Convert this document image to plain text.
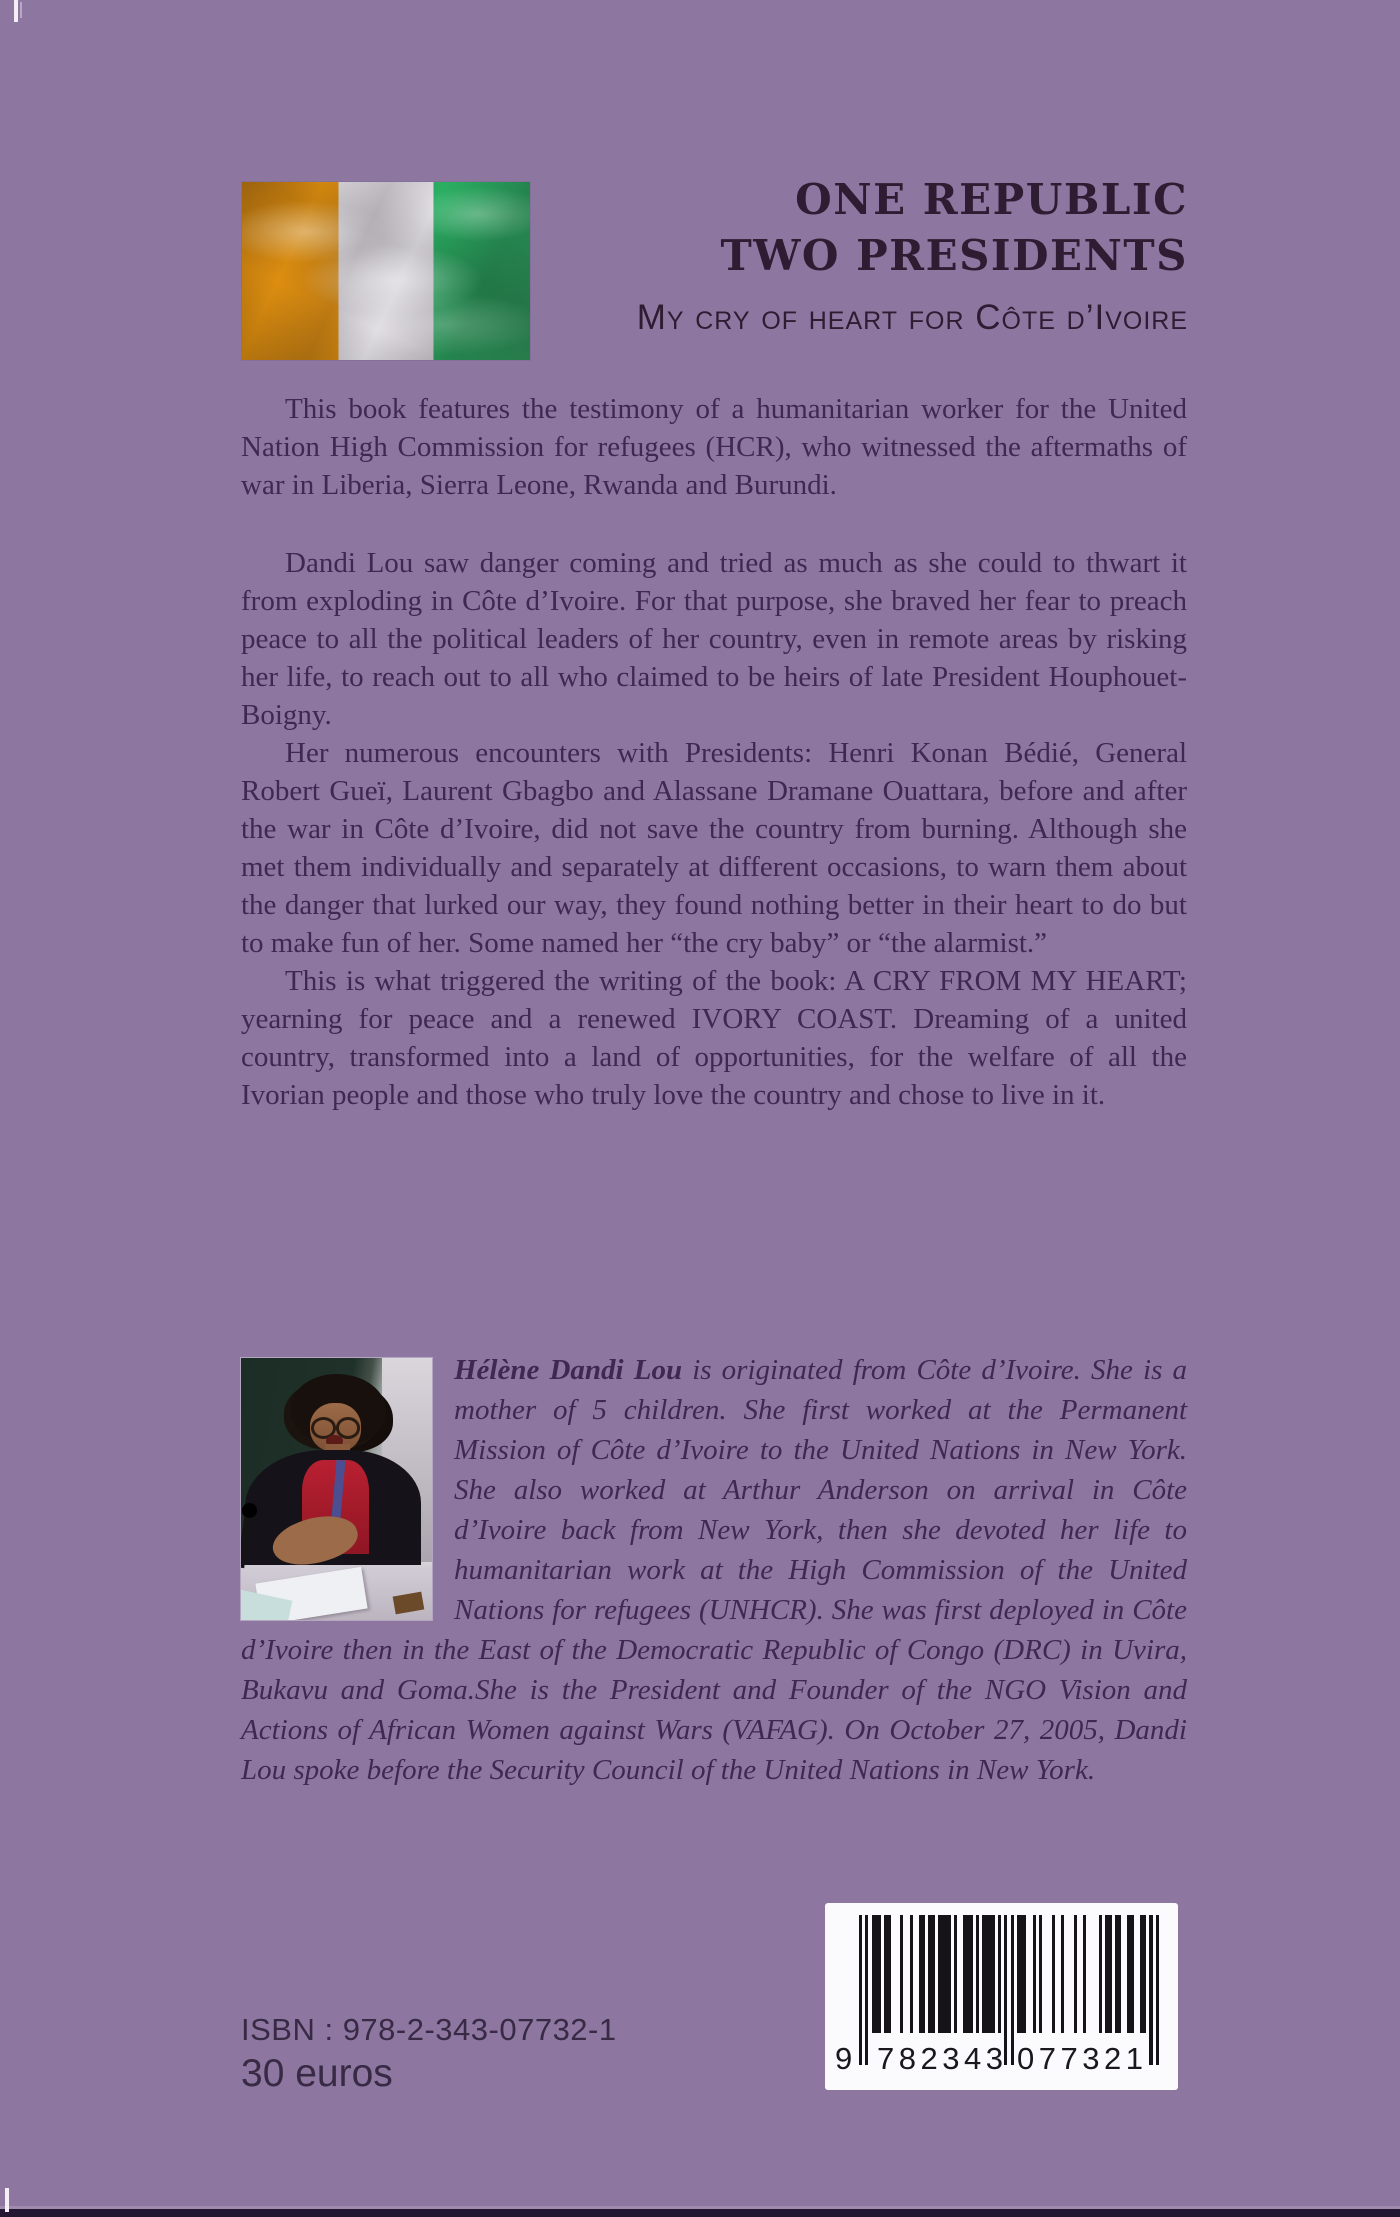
ONE REPUBLIC
TWO PRESIDENTS
My cry of heart for Côte d’Ivoire

This book features the testimony of a humanitarian worker for the United Nation High Commission for refugees (HCR), who witnessed the aftermaths of war in Liberia, Sierra Leone, Rwanda and Burundi.

Dandi Lou saw danger coming and tried as much as she could to thwart it from exploding in Côte d’Ivoire. For that purpose, she braved her fear to preach peace to all the political leaders of her country, even in remote areas by risking her life, to reach out to all who claimed to be heirs of late President Houphouet-Boigny.

Her numerous encounters with Presidents: Henri Konan Bédié, General Robert Gueï, Laurent Gbagbo and Alassane Dramane Ouattara, before and after the war in Côte d’Ivoire, did not save the country from burning. Although she met them individually and separately at different occasions, to warn them about the danger that lurked our way, they found nothing better in their heart to do but to make fun of her. Some named her “the cry baby” or “the alarmist.”

This is what triggered the writing of the book: A CRY FROM MY HEART; yearning for peace and a renewed IVORY COAST. Dreaming of a united country, transformed into a land of opportunities, for the welfare of all the Ivorian people and those who truly love the country and chose to live in it.

Hélène Dandi Lou is originated from Côte d’Ivoire. She is a mother of 5 children. She first worked at the Permanent Mission of Côte d’Ivoire to the United Nations in New York. She also worked at Arthur Anderson on arrival in Côte d’Ivoire back from New York, then she devoted her life to humanitarian work at the High Commission of the United Nations for refugees (UNHCR). She was first deployed in Côte d’Ivoire then in the East of the Democratic Republic of Congo (DRC) in Uvira, Bukavu and Goma.She is the President and Founder of the NGO Vision and Actions of African Women against Wars (VAFAG). On October 27, 2005, Dandi Lou spoke before the Security Council of the United Nations in New York.
9 7 8 2 3 4 3 0 7 7 3 2 1
ISBN : 978-2-343-07732-1
30 euros
